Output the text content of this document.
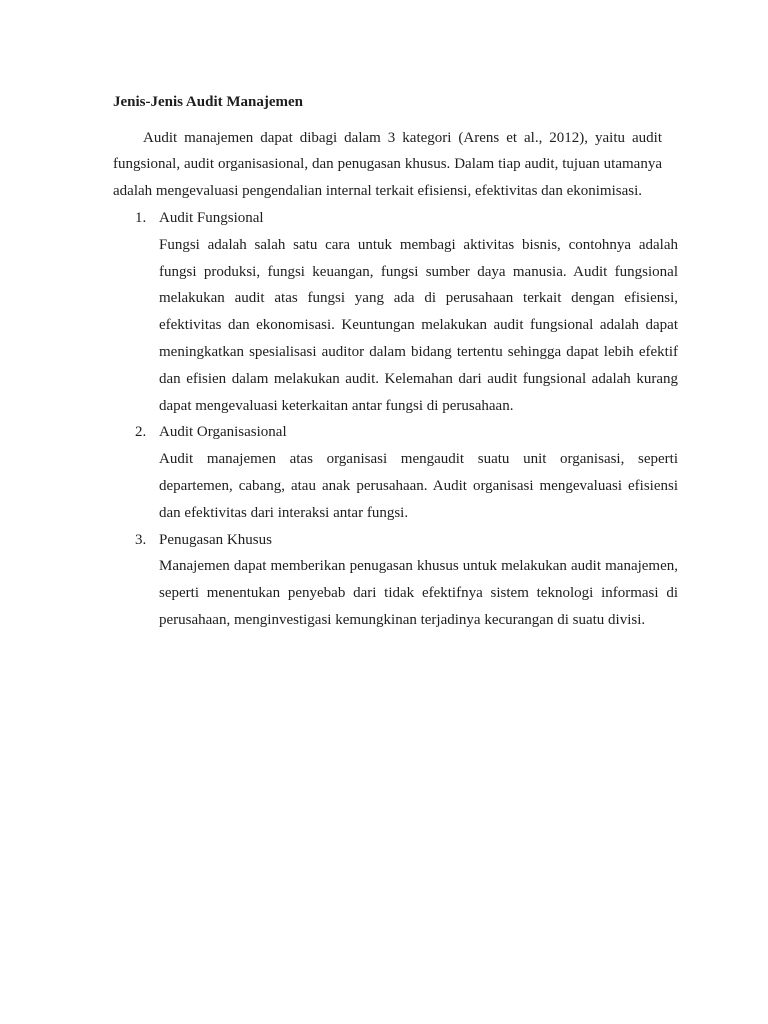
Jenis-Jenis Audit Manajemen
Audit manajemen dapat dibagi dalam 3 kategori (Arens et al., 2012), yaitu audit
fungsional, audit organisasional, dan penugasan khusus. Dalam tiap audit, tujuan utamanya
adalah mengevaluasi pengendalian internal terkait efisiensi, efektivitas dan ekonimisasi.
1. Audit Fungsional
Fungsi adalah salah satu cara untuk membagi aktivitas bisnis, contohnya adalah
fungsi produksi, fungsi keuangan, fungsi sumber daya manusia. Audit fungsional
melakukan audit atas fungsi yang ada di perusahaan terkait dengan efisiensi,
efektivitas dan ekonomisasi. Keuntungan melakukan audit fungsional adalah dapat
meningkatkan spesialisasi auditor dalam bidang tertentu sehingga dapat lebih efektif
dan efisien dalam melakukan audit. Kelemahan dari audit fungsional adalah kurang
dapat mengevaluasi keterkaitan antar fungsi di perusahaan.
2. Audit Organisasional
Audit manajemen atas organisasi mengaudit suatu unit organisasi, seperti
departemen, cabang, atau anak perusahaan. Audit organisasi mengevaluasi efisiensi
dan efektivitas dari interaksi antar fungsi.
3. Penugasan Khusus
Manajemen dapat memberikan penugasan khusus untuk melakukan audit manajemen,
seperti menentukan penyebab dari tidak efektifnya sistem teknologi informasi di
perusahaan, menginvestigasi kemungkinan terjadinya kecurangan di suatu divisi.
